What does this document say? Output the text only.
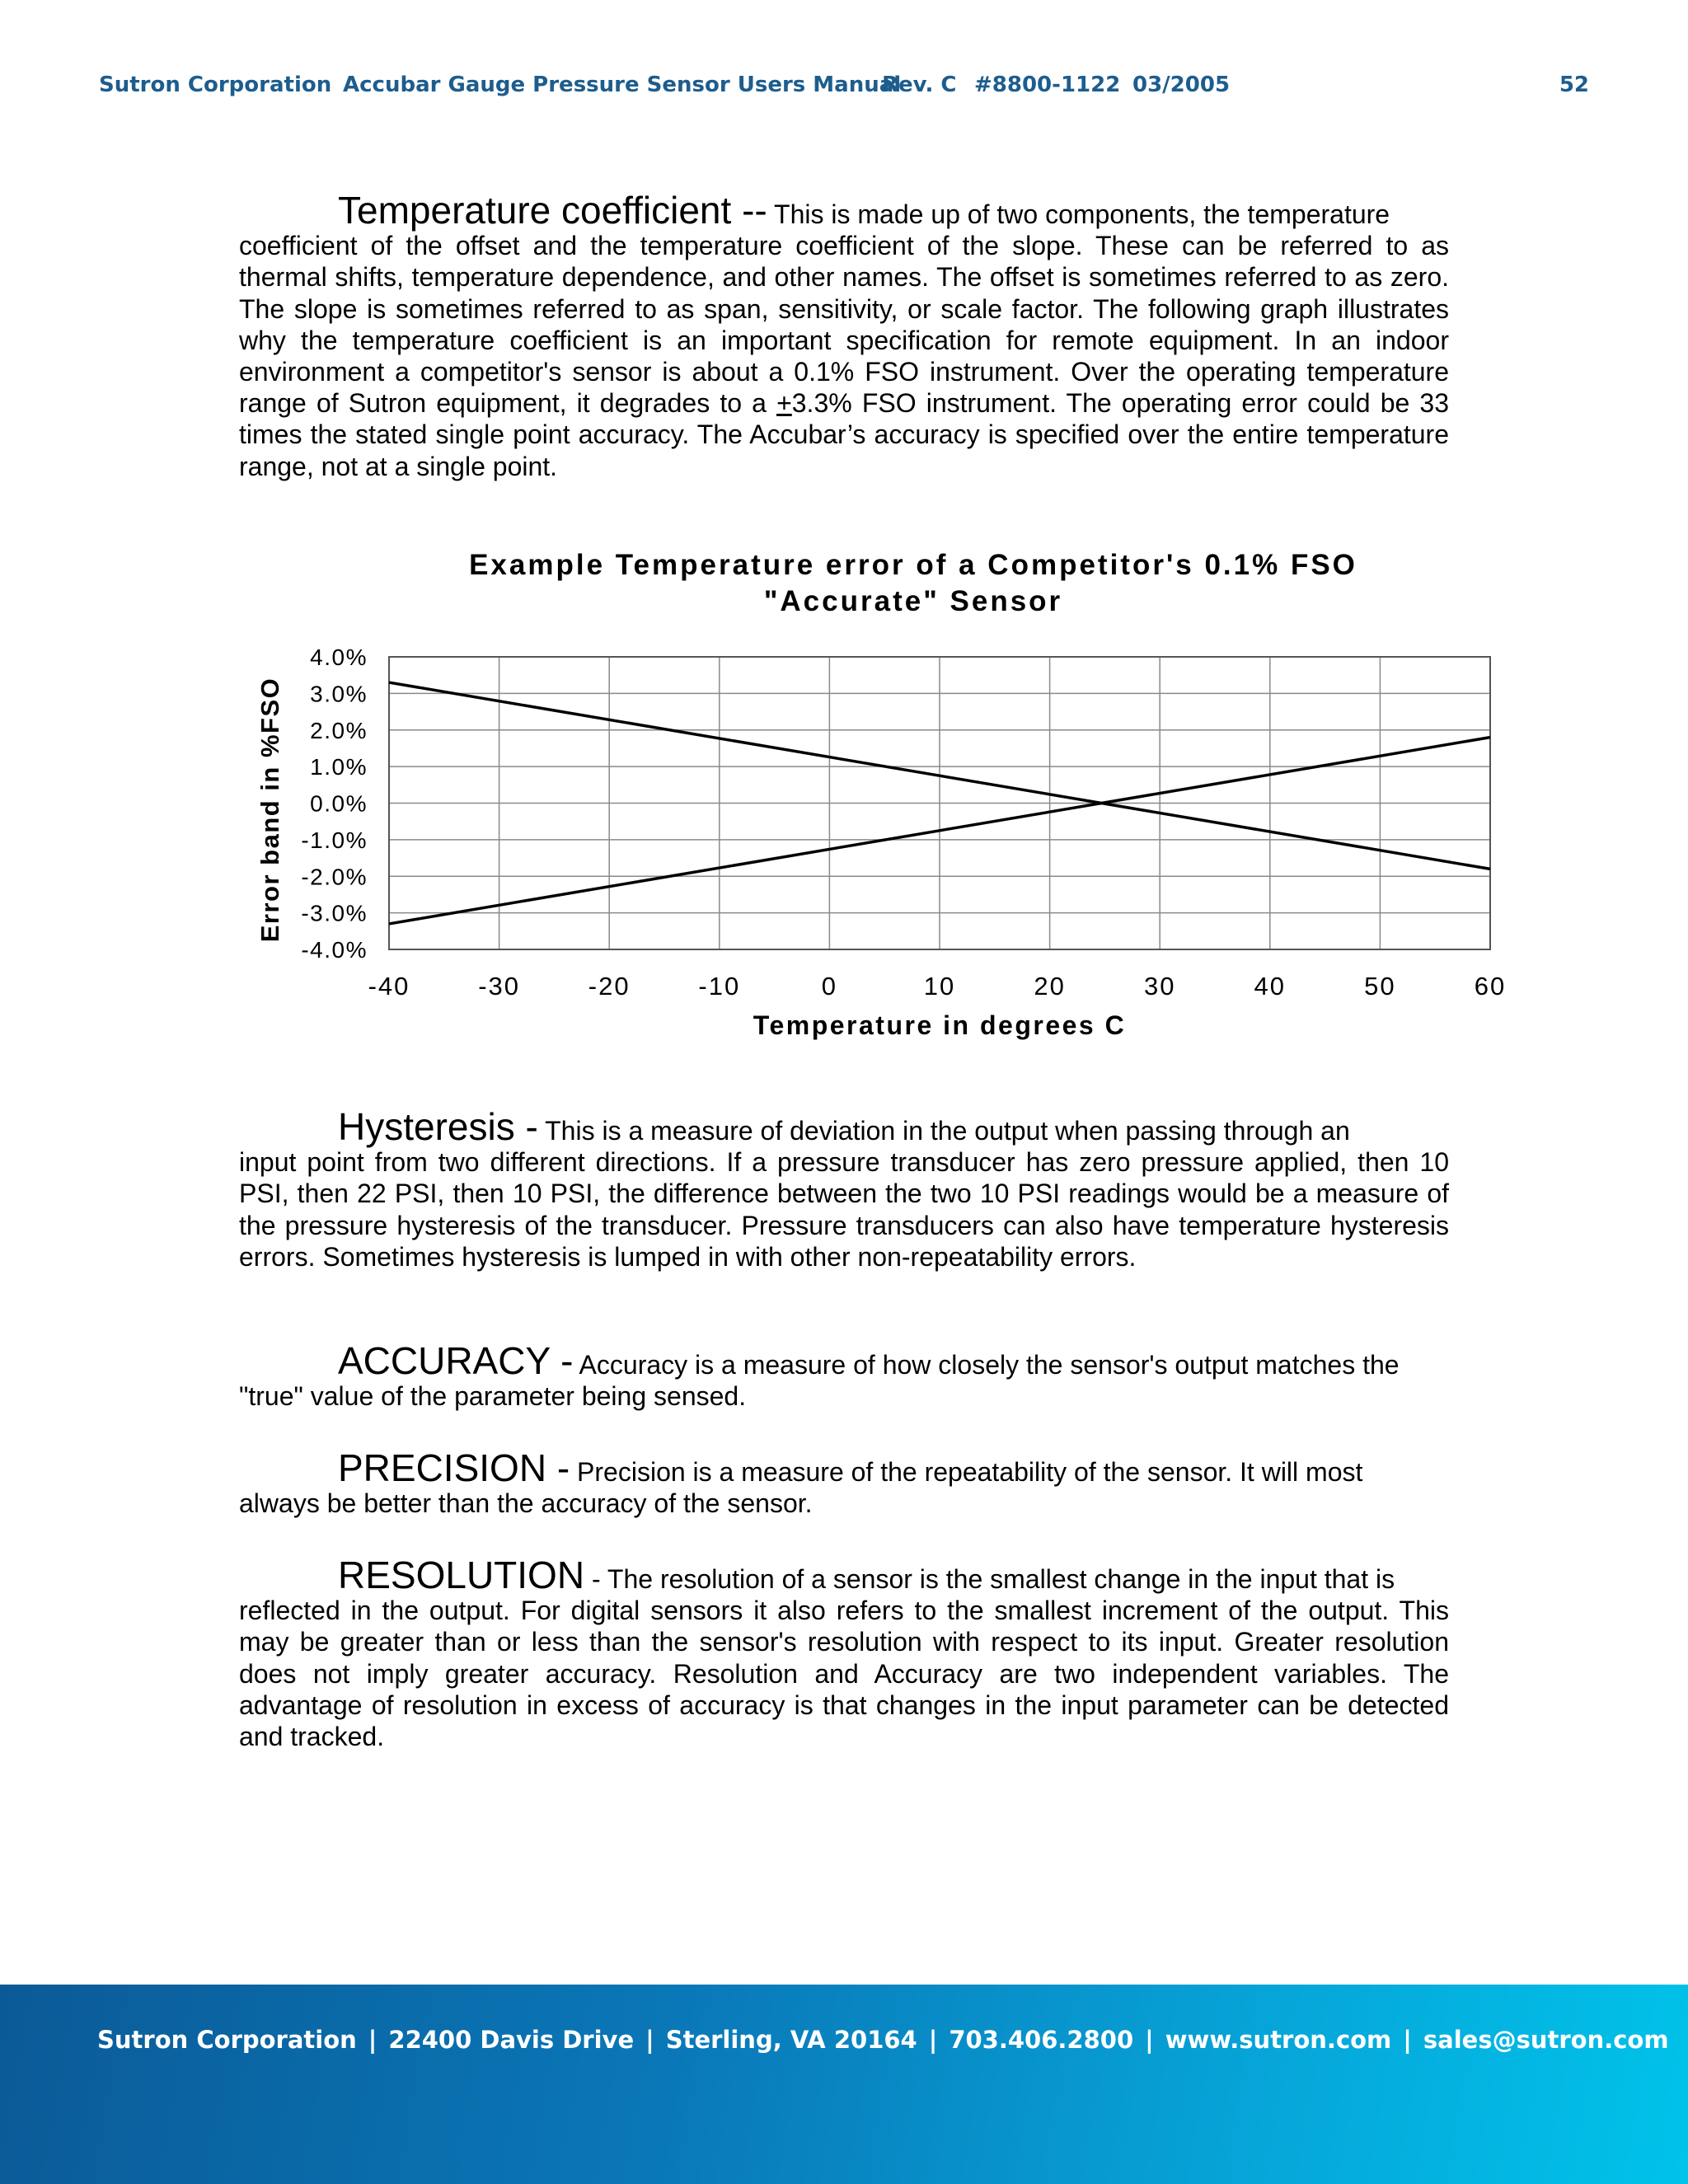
Sutron Corporation Accubar Gauge Pressure Sensor Users Manual
Rev. C #8800-1122 03/2005	52
Temperature coefficient -- This is made up of two components, the temperature
coefficient of the offset and the temperature coefficient of the slope. These can be referred to as thermal shifts, temperature dependence, and other names. The offset is sometimes referred to as zero. The slope is sometimes referred to as span, sensitivity, or scale factor. The following graph illustrates why the temperature coefficient is an important specification for remote equipment. In an indoor environment a competitor's sensor is about a 0.1% FSO instrument. Over the operating temperature range of Sutron equipment, it degrades to a +3.3% FSO instrument. The operating error could be 33 times the stated single point accuracy. The Accubar’s accuracy is specified over the entire temperature range, not at a single point.
Example Temperature error of a Competitor's 0.1% FSO
"Accurate" Sensor
4.0%
3.0%
2.0%
1.0%
0.0%
-1.0%
-2.0%
-3.0%
-4.0%
-40	-30	-20	-10	0	10	20	30	40	50	60
Temperature in degrees C
Error band in %FSO
Hysteresis - This is a measure of deviation in the output when passing through an
input point from two different directions. If a pressure transducer has zero pressure applied, then 10 PSI, then 22 PSI, then 10 PSI, the difference between the two 10 PSI readings would be a measure of the pressure hysteresis of the transducer. Pressure transducers can also have temperature hysteresis errors. Sometimes hysteresis is lumped in with other non-repeatability errors.
ACCURACY - Accuracy is a measure of how closely the sensor's output matches the
"true" value of the parameter being sensed.
PRECISION - Precision is a measure of the repeatability of the sensor. It will most
always be better than the accuracy of the sensor.
RESOLUTION - The resolution of a sensor is the smallest change in the input that is
reflected in the output. For digital sensors it also refers to the smallest increment of the output. This may be greater than or less than the sensor's resolution with respect to its input. Greater resolution does not imply greater accuracy. Resolution and Accuracy are two independent variables. The advantage of resolution in excess of accuracy is that changes in the input parameter can be detected and tracked.
Sutron Corporation | 22400 Davis Drive | Sterling, VA 20164 | 703.406.2800 | www.sutron.com | sales@sutron.com
